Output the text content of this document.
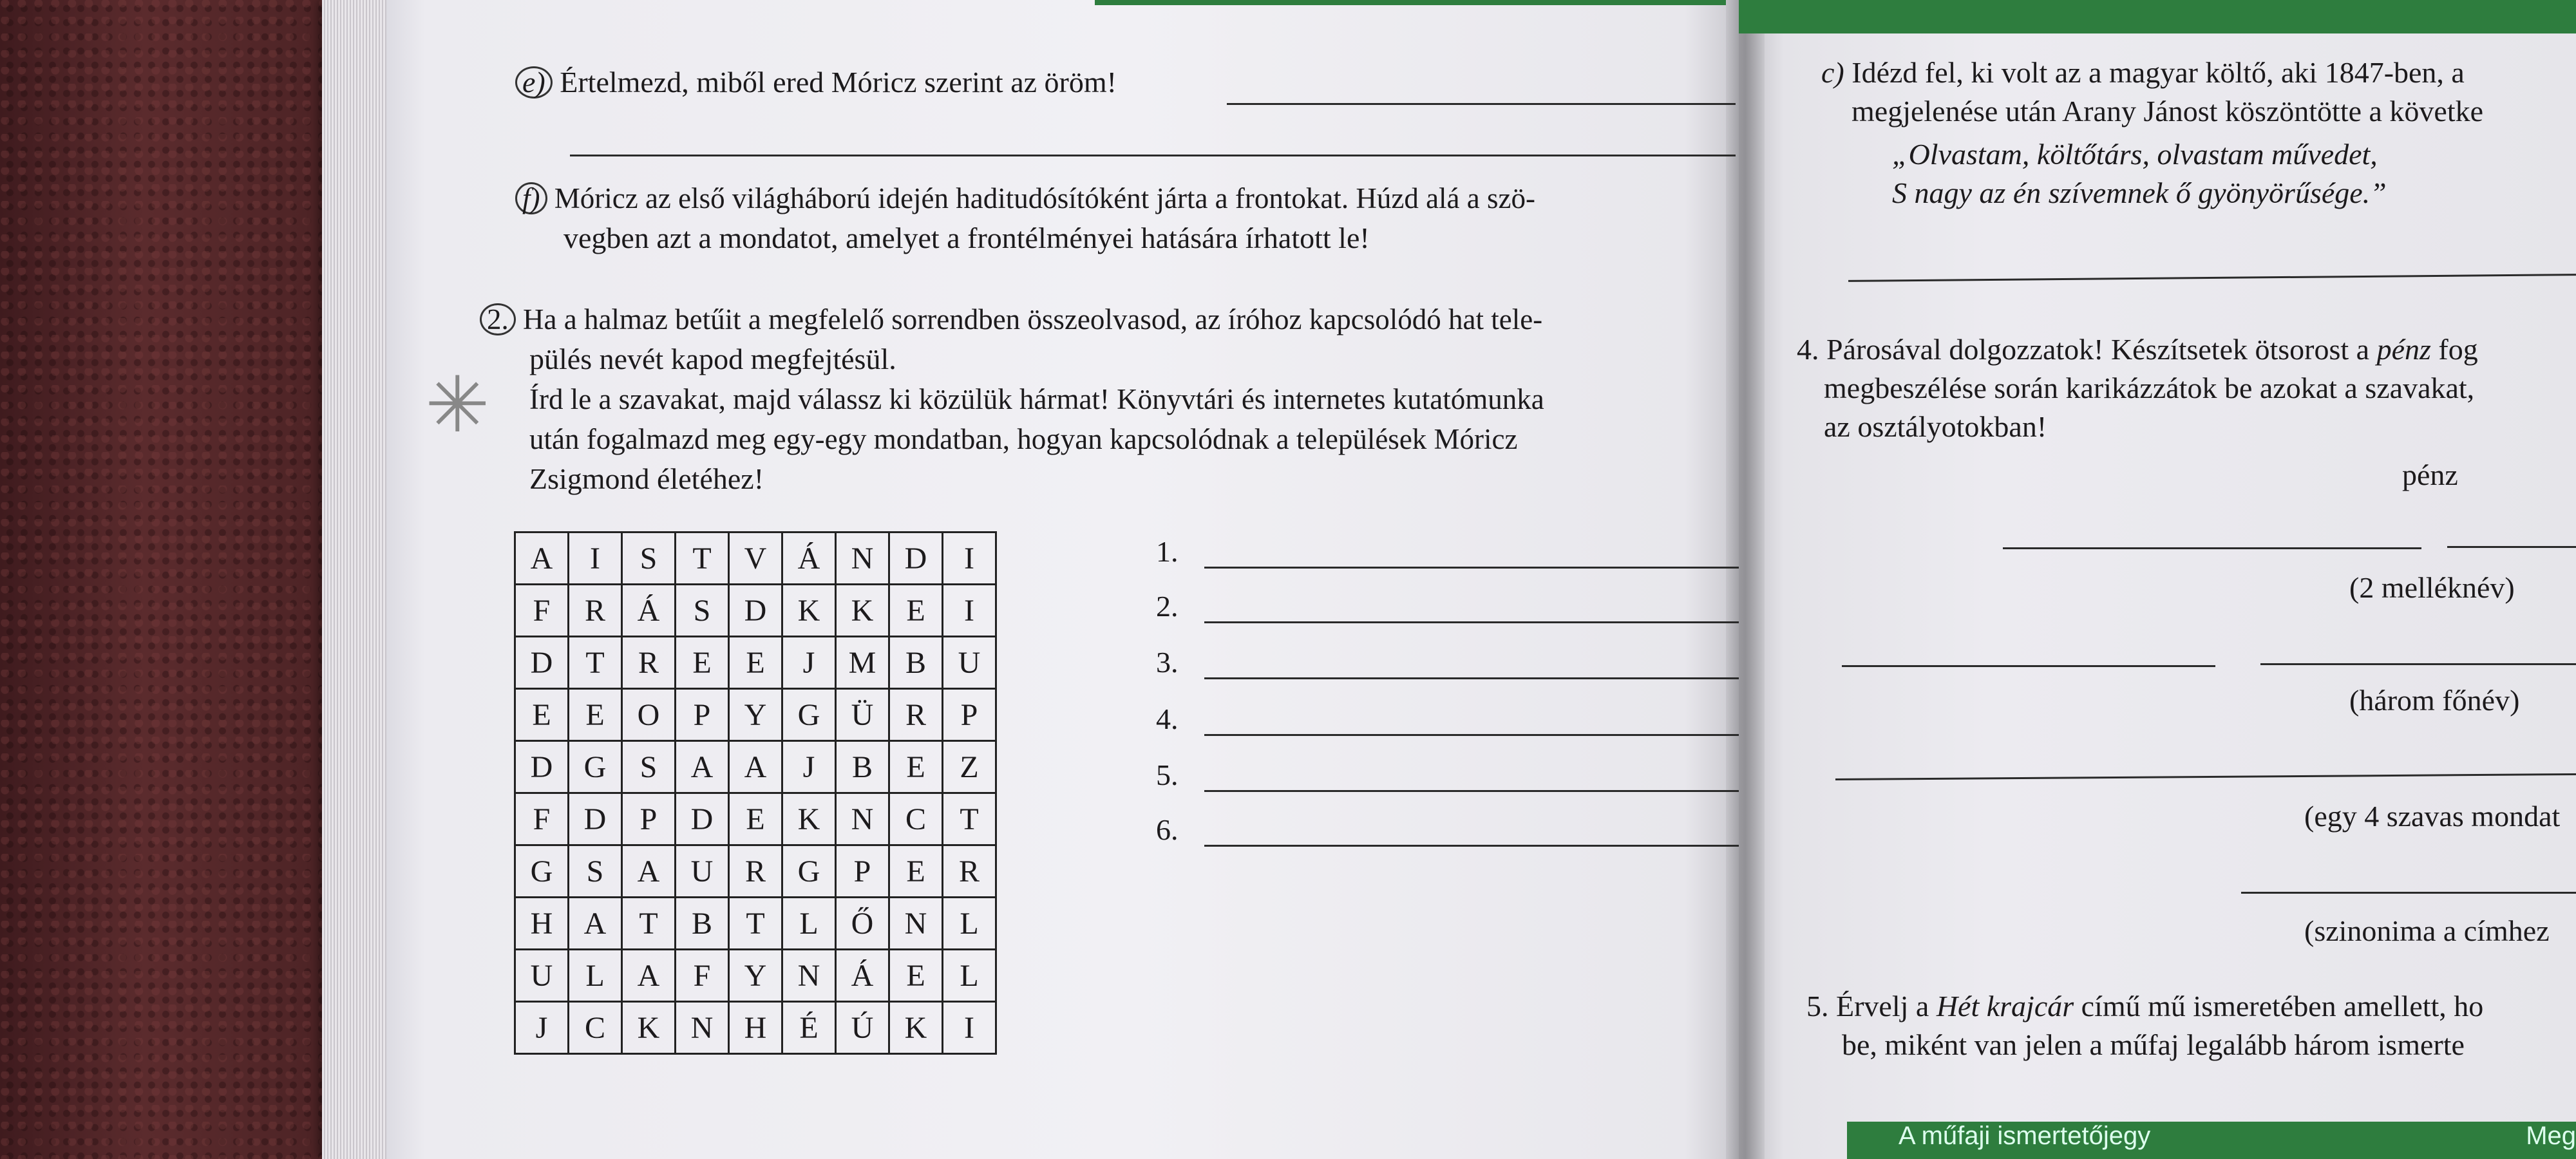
e) Értelmezd, miből ered Móricz szerint az öröm!
f) Móricz az első világháború idején haditudósítóként járta a frontokat. Húzd alá a szö-
vegben azt a mondatot, amelyet a frontélményei hatására írhatott le!
2. Ha a halmaz betűit a megfelelő sorrendben összeolvasod, az íróhoz kapcsolódó hat tele-
pülés nevét kapod megfejtésül.
✳ Írd le a szavakat, majd válassz ki közülük hármat! Könyvtári és internetes kutatómunka
után fogalmazd meg egy-egy mondatban, hogyan kapcsolódnak a települések Móricz
Zsigmond életéhez!
A	I	S	T	V	Á	N	D	I
F	R	Á	S	D	K	K	E	I
D	T	R	E	E	J	M	B	U
E	E	O	P	Y	G	Ü	R	P
D	G	S	A	A	J	B	E	Z
F	D	P	D	E	K	N	C	T
G	S	A	U	R	G	P	E	R
H	A	T	B	T	L	Ő	N	L
U	L	A	F	Y	N	Á	E	L
J	C	K	N	H	É	Ú	K	I
1.
2.
3.
4.
5.
6.
c) Idézd fel, ki volt az a magyar költő, aki 1847-ben, a
megjelenése után Arany Jánost köszöntötte a követke
„Olvastam, költőtárs, olvastam művedet,
S nagy az én szívemnek ő gyönyörűsége.”
4. Párosával dolgozzatok! Készítsetek ötsorost a pénz fog
megbeszélése során karikázzátok be azokat a szavakat,
az osztályotokban!
pénz
(2 melléknév)
(három főnév)
(egy 4 szavas mondat
(szinonima a címhez
5. Érvelj a Hét krajcár című mű ismeretében amellett, ho
be, miként van jelen a műfaj legalább három ismerte
A műfaji ismertetőjegy	Meg
